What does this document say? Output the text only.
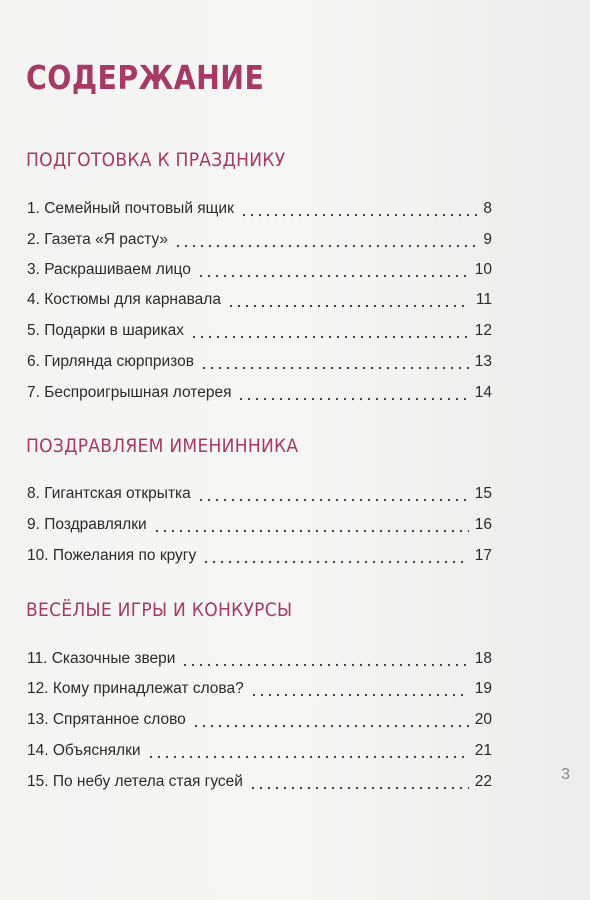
СОДЕРЖАНИЕ
ПОДГОТОВКА К ПРАЗДНИКУ
1. Семейный почтовый ящик	8
2. Газета «Я расту»	9
3. Раскрашиваем лицо	10
4. Костюмы для карнавала	11
5. Подарки в шариках	12
6. Гирлянда сюрпризов	13
7. Беспроигрышная лотерея	14
ПОЗДРАВЛЯЕМ ИМЕНИННИКА
8. Гигантская открытка	15
9. Поздравлялки	16
10. Пожелания по кругу	17
ВЕСЁЛЫЕ ИГРЫ И КОНКУРСЫ
11. Сказочные звери	18
12. Кому принадлежат слова?	19
13. Спрятанное слово	20
14. Объяснялки	21
15. По небу летела стая гусей	22	3
